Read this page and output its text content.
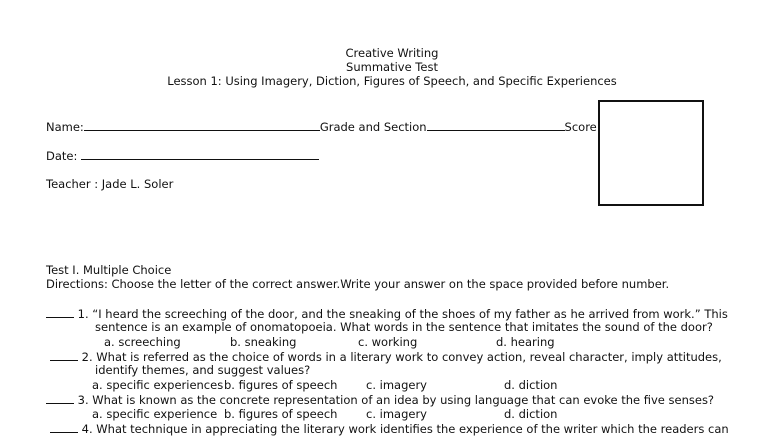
Creative Writing
Summative Test
Lesson 1: Using Imagery, Diction, Figures of Speech, and Specific Experiences
Name:	Grade and Section	Score
Date:
Teacher : Jade L. Soler
Test I. Multiple Choice
Directions: Choose the letter of the correct answer.Write your answer on the space provided before number.
1. “I heard the screeching of the door, and the sneaking of the shoes of my father as he arrived from work.” This
sentence is an example of onomatopoeia. What words in the sentence that imitates the sound of the door?
a. screeching	b. sneaking	c. working	d. hearing
2. What is referred as the choice of words in a literary work to convey action, reveal character, imply attitudes,
identify themes, and suggest values?
a. specific experiencesb. figures of speech c. imagery	d. diction
3. What is known as the concrete representation of an idea by using language that can evoke the five senses?
a. specific experience b. figures of speech c. imagery	d. diction
4. What technique in appreciating the literary work identifies the experience of the writer which the readers can
